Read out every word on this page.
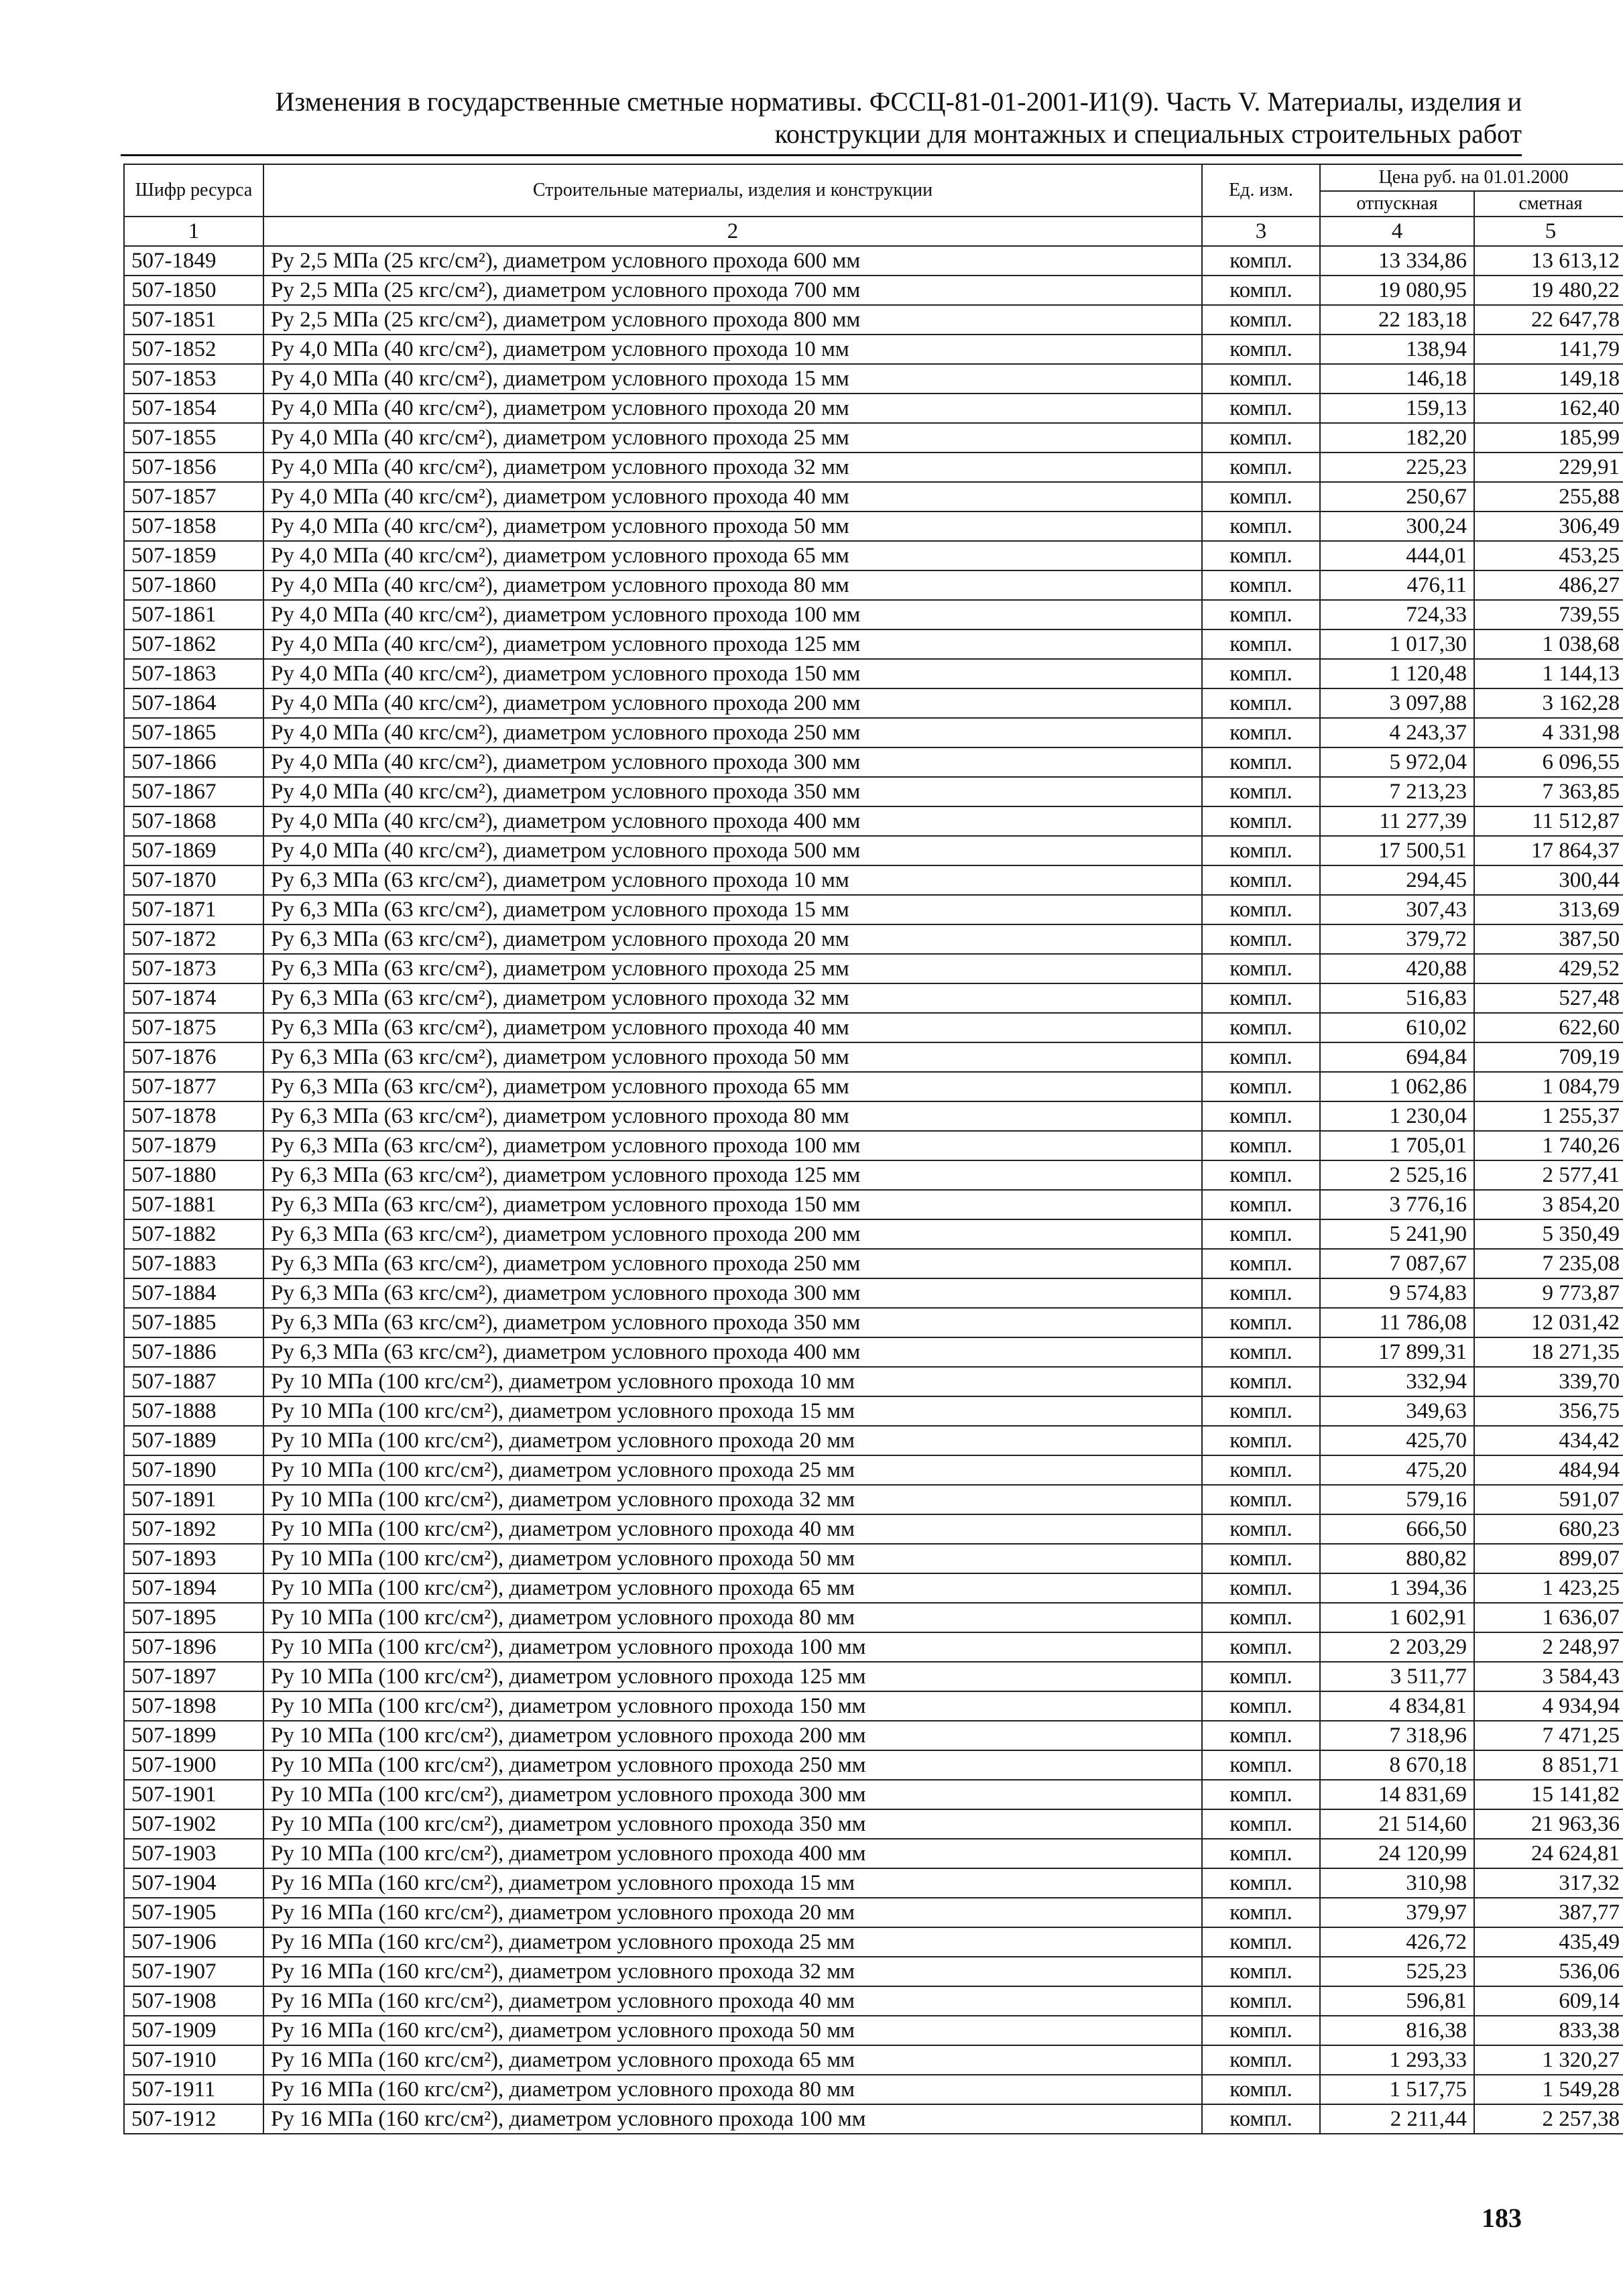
Изменения в государственные сметные нормативы. ФССЦ-81-01-2001-И1(9). Часть V. Материалы, изделия и
конструкции для монтажных и специальных строительных работ
Шифр ресурса	Строительные материалы, изделия и конструкции	Ед. изм.	Цена руб. на 01.01.2000	
			отпускная	сметная
1	2	3	4	5
507-1849	Ру 2,5 МПа (25 кгс/см²), диаметром условного прохода 600 мм	компл.	13 334,86	13 613,12
507-1850	Ру 2,5 МПа (25 кгс/см²), диаметром условного прохода 700 мм	компл.	19 080,95	19 480,22
507-1851	Ру 2,5 МПа (25 кгс/см²), диаметром условного прохода 800 мм	компл.	22 183,18	22 647,78
507-1852	Ру 4,0 МПа (40 кгс/см²), диаметром условного прохода 10 мм	компл.	138,94	141,79
507-1853	Ру 4,0 МПа (40 кгс/см²), диаметром условного прохода 15 мм	компл.	146,18	149,18
507-1854	Ру 4,0 МПа (40 кгс/см²), диаметром условного прохода 20 мм	компл.	159,13	162,40
507-1855	Ру 4,0 МПа (40 кгс/см²), диаметром условного прохода 25 мм	компл.	182,20	185,99
507-1856	Ру 4,0 МПа (40 кгс/см²), диаметром условного прохода 32 мм	компл.	225,23	229,91
507-1857	Ру 4,0 МПа (40 кгс/см²), диаметром условного прохода 40 мм	компл.	250,67	255,88
507-1858	Ру 4,0 МПа (40 кгс/см²), диаметром условного прохода 50 мм	компл.	300,24	306,49
507-1859	Ру 4,0 МПа (40 кгс/см²), диаметром условного прохода 65 мм	компл.	444,01	453,25
507-1860	Ру 4,0 МПа (40 кгс/см²), диаметром условного прохода 80 мм	компл.	476,11	486,27
507-1861	Ру 4,0 МПа (40 кгс/см²), диаметром условного прохода 100 мм	компл.	724,33	739,55
507-1862	Ру 4,0 МПа (40 кгс/см²), диаметром условного прохода 125 мм	компл.	1 017,30	1 038,68
507-1863	Ру 4,0 МПа (40 кгс/см²), диаметром условного прохода 150 мм	компл.	1 120,48	1 144,13
507-1864	Ру 4,0 МПа (40 кгс/см²), диаметром условного прохода 200 мм	компл.	3 097,88	3 162,28
507-1865	Ру 4,0 МПа (40 кгс/см²), диаметром условного прохода 250 мм	компл.	4 243,37	4 331,98
507-1866	Ру 4,0 МПа (40 кгс/см²), диаметром условного прохода 300 мм	компл.	5 972,04	6 096,55
507-1867	Ру 4,0 МПа (40 кгс/см²), диаметром условного прохода 350 мм	компл.	7 213,23	7 363,85
507-1868	Ру 4,0 МПа (40 кгс/см²), диаметром условного прохода 400 мм	компл.	11 277,39	11 512,87
507-1869	Ру 4,0 МПа (40 кгс/см²), диаметром условного прохода 500 мм	компл.	17 500,51	17 864,37
507-1870	Ру 6,3 МПа (63 кгс/см²), диаметром условного прохода 10 мм	компл.	294,45	300,44
507-1871	Ру 6,3 МПа (63 кгс/см²), диаметром условного прохода 15 мм	компл.	307,43	313,69
507-1872	Ру 6,3 МПа (63 кгс/см²), диаметром условного прохода 20 мм	компл.	379,72	387,50
507-1873	Ру 6,3 МПа (63 кгс/см²), диаметром условного прохода 25 мм	компл.	420,88	429,52
507-1874	Ру 6,3 МПа (63 кгс/см²), диаметром условного прохода 32 мм	компл.	516,83	527,48
507-1875	Ру 6,3 МПа (63 кгс/см²), диаметром условного прохода 40 мм	компл.	610,02	622,60
507-1876	Ру 6,3 МПа (63 кгс/см²), диаметром условного прохода 50 мм	компл.	694,84	709,19
507-1877	Ру 6,3 МПа (63 кгс/см²), диаметром условного прохода 65 мм	компл.	1 062,86	1 084,79
507-1878	Ру 6,3 МПа (63 кгс/см²), диаметром условного прохода 80 мм	компл.	1 230,04	1 255,37
507-1879	Ру 6,3 МПа (63 кгс/см²), диаметром условного прохода 100 мм	компл.	1 705,01	1 740,26
507-1880	Ру 6,3 МПа (63 кгс/см²), диаметром условного прохода 125 мм	компл.	2 525,16	2 577,41
507-1881	Ру 6,3 МПа (63 кгс/см²), диаметром условного прохода 150 мм	компл.	3 776,16	3 854,20
507-1882	Ру 6,3 МПа (63 кгс/см²), диаметром условного прохода 200 мм	компл.	5 241,90	5 350,49
507-1883	Ру 6,3 МПа (63 кгс/см²), диаметром условного прохода 250 мм	компл.	7 087,67	7 235,08
507-1884	Ру 6,3 МПа (63 кгс/см²), диаметром условного прохода 300 мм	компл.	9 574,83	9 773,87
507-1885	Ру 6,3 МПа (63 кгс/см²), диаметром условного прохода 350 мм	компл.	11 786,08	12 031,42
507-1886	Ру 6,3 МПа (63 кгс/см²), диаметром условного прохода 400 мм	компл.	17 899,31	18 271,35
507-1887	Ру 10 МПа (100 кгс/см²), диаметром условного прохода 10 мм	компл.	332,94	339,70
507-1888	Ру 10 МПа (100 кгс/см²), диаметром условного прохода 15 мм	компл.	349,63	356,75
507-1889	Ру 10 МПа (100 кгс/см²), диаметром условного прохода 20 мм	компл.	425,70	434,42
507-1890	Ру 10 МПа (100 кгс/см²), диаметром условного прохода 25 мм	компл.	475,20	484,94
507-1891	Ру 10 МПа (100 кгс/см²), диаметром условного прохода 32 мм	компл.	579,16	591,07
507-1892	Ру 10 МПа (100 кгс/см²), диаметром условного прохода 40 мм	компл.	666,50	680,23
507-1893	Ру 10 МПа (100 кгс/см²), диаметром условного прохода 50 мм	компл.	880,82	899,07
507-1894	Ру 10 МПа (100 кгс/см²), диаметром условного прохода 65 мм	компл.	1 394,36	1 423,25
507-1895	Ру 10 МПа (100 кгс/см²), диаметром условного прохода 80 мм	компл.	1 602,91	1 636,07
507-1896	Ру 10 МПа (100 кгс/см²), диаметром условного прохода 100 мм	компл.	2 203,29	2 248,97
507-1897	Ру 10 МПа (100 кгс/см²), диаметром условного прохода 125 мм	компл.	3 511,77	3 584,43
507-1898	Ру 10 МПа (100 кгс/см²), диаметром условного прохода 150 мм	компл.	4 834,81	4 934,94
507-1899	Ру 10 МПа (100 кгс/см²), диаметром условного прохода 200 мм	компл.	7 318,96	7 471,25
507-1900	Ру 10 МПа (100 кгс/см²), диаметром условного прохода 250 мм	компл.	8 670,18	8 851,71
507-1901	Ру 10 МПа (100 кгс/см²), диаметром условного прохода 300 мм	компл.	14 831,69	15 141,82
507-1902	Ру 10 МПа (100 кгс/см²), диаметром условного прохода 350 мм	компл.	21 514,60	21 963,36
507-1903	Ру 10 МПа (100 кгс/см²), диаметром условного прохода 400 мм	компл.	24 120,99	24 624,81
507-1904	Ру 16 МПа (160 кгс/см²), диаметром условного прохода 15 мм	компл.	310,98	317,32
507-1905	Ру 16 МПа (160 кгс/см²), диаметром условного прохода 20 мм	компл.	379,97	387,77
507-1906	Ру 16 МПа (160 кгс/см²), диаметром условного прохода 25 мм	компл.	426,72	435,49
507-1907	Ру 16 МПа (160 кгс/см²), диаметром условного прохода 32 мм	компл.	525,23	536,06
507-1908	Ру 16 МПа (160 кгс/см²), диаметром условного прохода 40 мм	компл.	596,81	609,14
507-1909	Ру 16 МПа (160 кгс/см²), диаметром условного прохода 50 мм	компл.	816,38	833,38
507-1910	Ру 16 МПа (160 кгс/см²), диаметром условного прохода 65 мм	компл.	1 293,33	1 320,27
507-1911	Ру 16 МПа (160 кгс/см²), диаметром условного прохода 80 мм	компл.	1 517,75	1 549,28
507-1912	Ру 16 МПа (160 кгс/см²), диаметром условного прохода 100 мм	компл.	2 211,44	2 257,38
183
